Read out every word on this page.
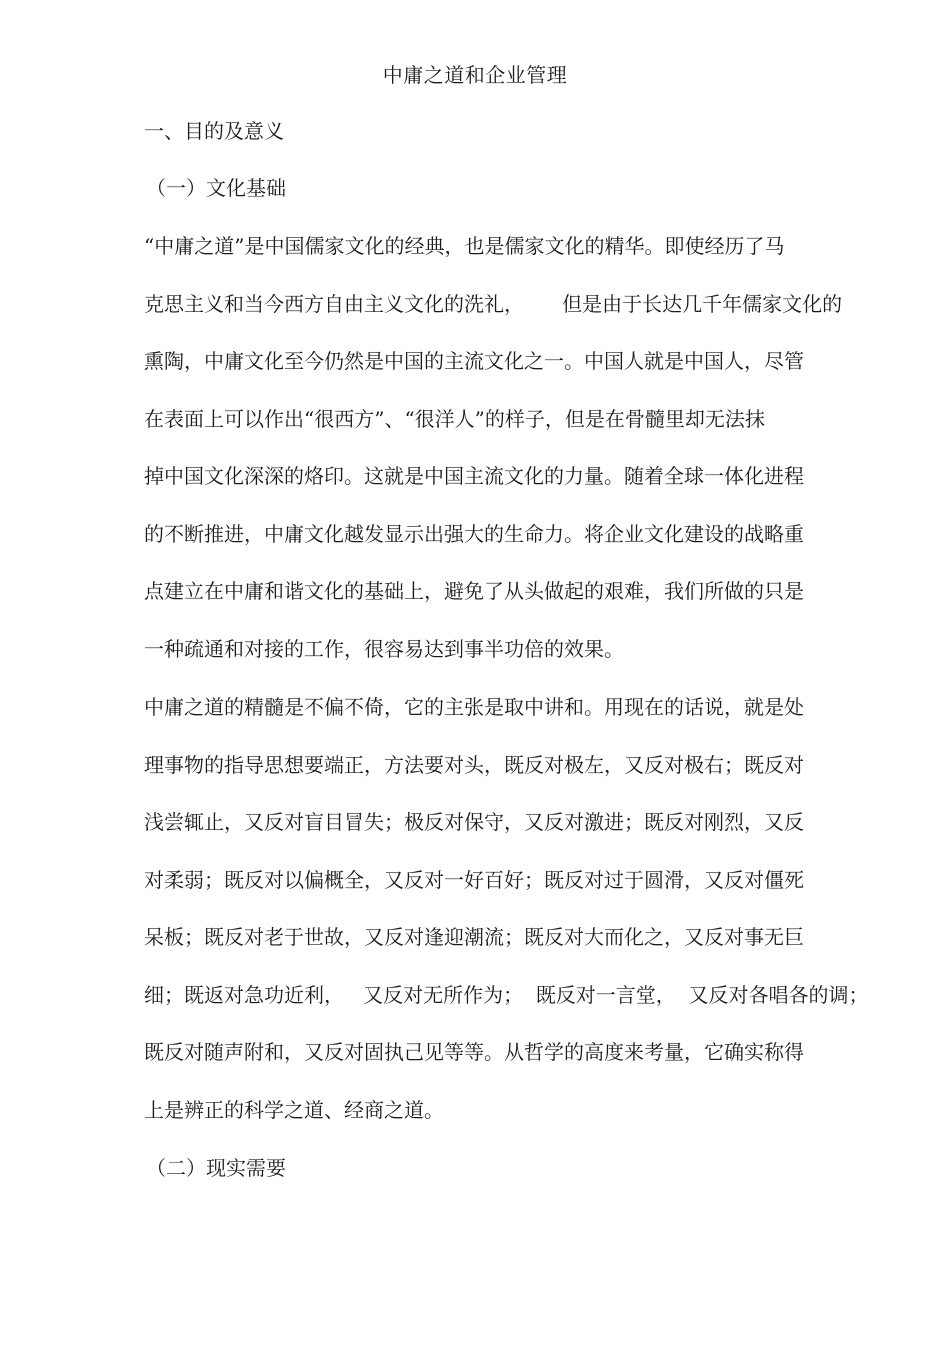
中庸之道和企业管理
一、目的及意义
（一）文化基础
“中庸之道”是中国儒家文化的经典，也是儒家文化的精华。即使经历了马
克思主义和当今西方自由主义文化的洗礼，      但是由于长达几千年儒家文化的
熏陶，中庸文化至今仍然是中国的主流文化之一。中国人就是中国人，尽管
在表面上可以作出“很西方”、“很洋人”的样子，但是在骨髓里却无法抹
掉中国文化深深的烙印。这就是中国主流文化的力量。随着全球一体化进程
的不断推进，中庸文化越发显示出强大的生命力。将企业文化建设的战略重
点建立在中庸和谐文化的基础上，避免了从头做起的艰难，我们所做的只是
一种疏通和对接的工作，很容易达到事半功倍的效果。
中庸之道的精髓是不偏不倚，它的主张是取中讲和。用现在的话说，就是处
理事物的指导思想要端正，方法要对头，既反对极左，又反对极右；既反对
浅尝辄止，又反对盲目冒失；极反对保守，又反对激进；既反对刚烈，又反
对柔弱；既反对以偏概全，又反对一好百好；既反对过于圆滑，又反对僵死
呆板；既反对老于世故，又反对逢迎潮流；既反对大而化之，又反对事无巨
细；既返对急功近利，   又反对无所作为；  既反对一言堂，  又反对各唱各的调；
既反对随声附和，又反对固执己见等等。从哲学的高度来考量，它确实称得
上是辨正的科学之道、经商之道。
（二）现实需要
